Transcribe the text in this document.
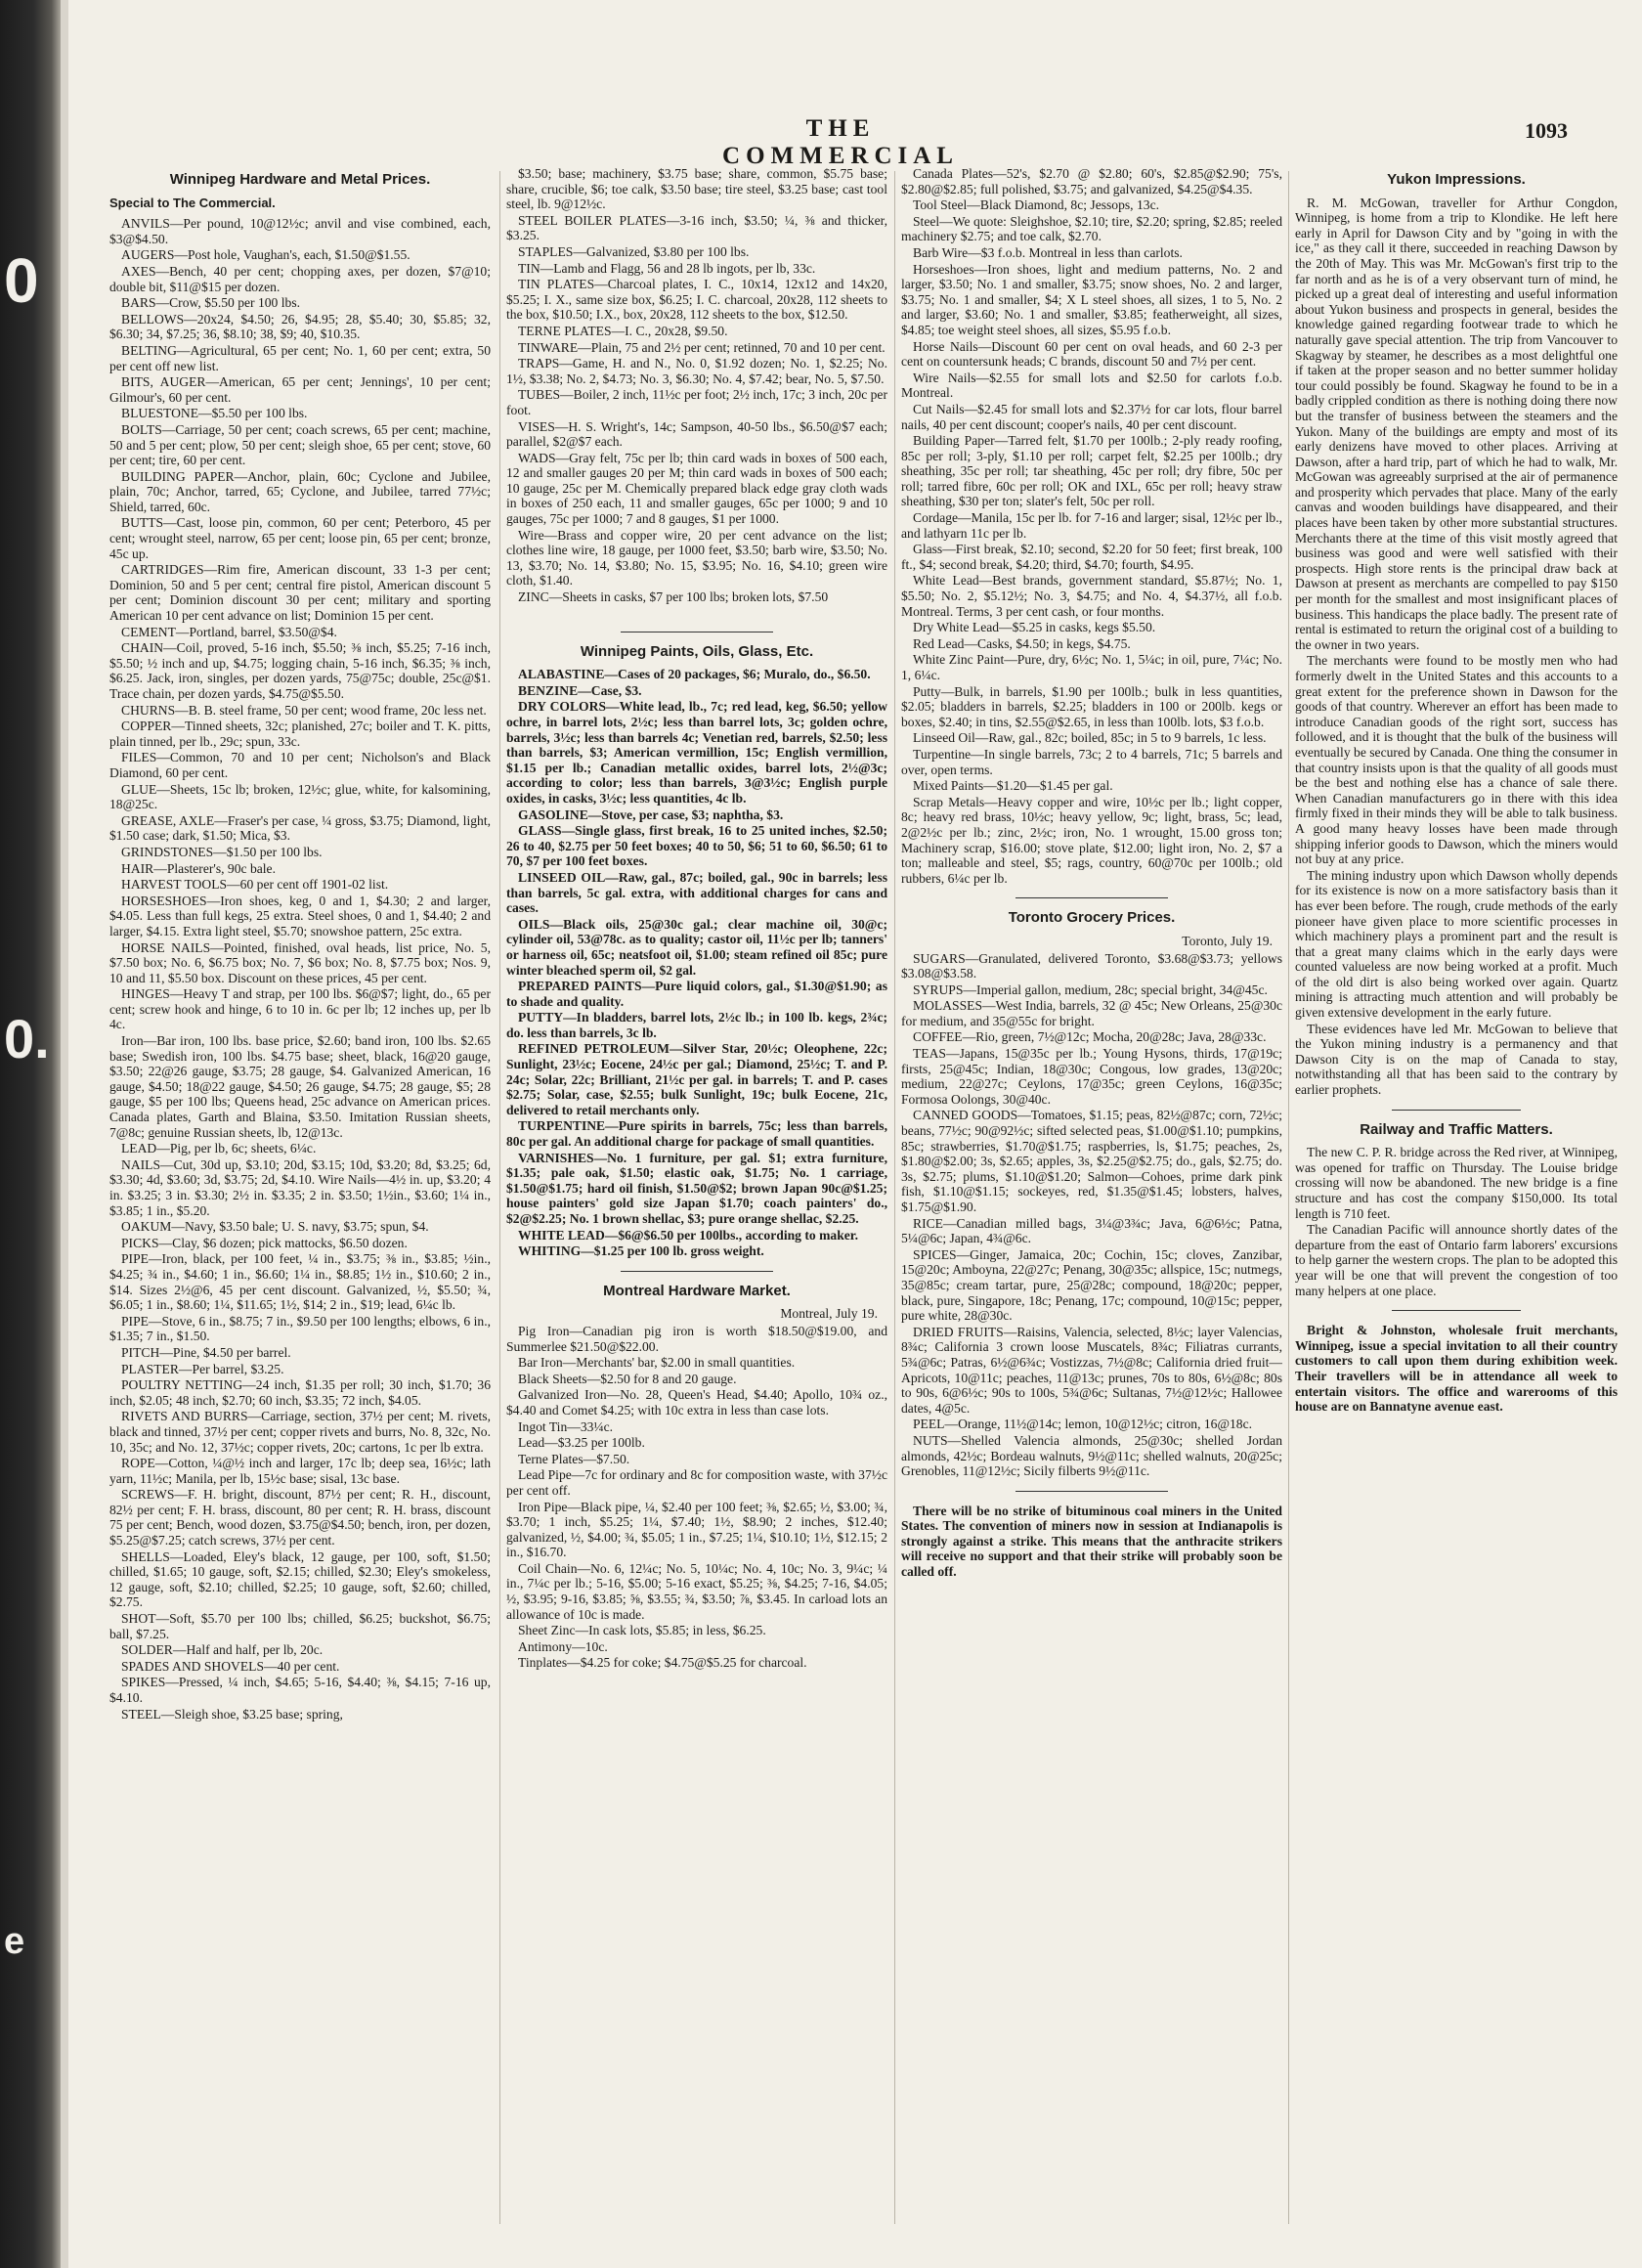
0
0.
e
THE COMMERCIAL
1093
Winnipeg Hardware and Metal Prices.
Special to The Commercial.
ANVILS—Per pound, 10@12½c; anvil and vise combined, each, $3@$4.50.
AUGERS—Post hole, Vaughan's, each, $1.50@$1.55.
AXES—Bench, 40 per cent; chopping axes, per dozen, $7@10; double bit, $11@$15 per dozen.
BARS—Crow, $5.50 per 100 lbs.
BELLOWS—20x24, $4.50; 26, $4.95; 28, $5.40; 30, $5.85; 32, $6.30; 34, $7.25; 36, $8.10; 38, $9; 40, $10.35.
BELTING—Agricultural, 65 per cent; No. 1, 60 per cent; extra, 50 per cent off new list.
BITS, AUGER—American, 65 per cent; Jennings', 10 per cent; Gilmour's, 60 per cent.
BLUESTONE—$5.50 per 100 lbs.
BOLTS—Carriage, 50 per cent; coach screws, 65 per cent; machine, 50 and 5 per cent; plow, 50 per cent; sleigh shoe, 65 per cent; stove, 60 per cent; tire, 60 per cent.
BUILDING PAPER—Anchor, plain, 60c; Cyclone and Jubilee, plain, 70c; Anchor, tarred, 65; Cyclone, and Jubilee, tarred 77½c; Shield, tarred, 60c.
BUTTS—Cast, loose pin, common, 60 per cent; Peterboro, 45 per cent; wrought steel, narrow, 65 per cent; loose pin, 65 per cent; bronze, 45c up.
CARTRIDGES—Rim fire, American discount, 33 1-3 per cent; Dominion, 50 and 5 per cent; central fire pistol, American discount 5 per cent; Dominion discount 30 per cent; military and sporting American 10 per cent advance on list; Dominion 15 per cent.
CEMENT—Portland, barrel, $3.50@$4.
CHAIN—Coil, proved, 5-16 inch, $5.50; ⅜ inch, $5.25; 7-16 inch, $5.50; ½ inch and up, $4.75; logging chain, 5-16 inch, $6.35; ⅜ inch, $6.25. Jack, iron, singles, per dozen yards, 75@75c; double, 25c@$1. Trace chain, per dozen yards, $4.75@$5.50.
CHURNS—B. B. steel frame, 50 per cent; wood frame, 20c less net.
COPPER—Tinned sheets, 32c; planished, 27c; boiler and T. K. pitts, plain tinned, per lb., 29c; spun, 33c.
FILES—Common, 70 and 10 per cent; Nicholson's and Black Diamond, 60 per cent.
GLUE—Sheets, 15c lb; broken, 12½c; glue, white, for kalsomining, 18@25c.
GREASE, AXLE—Fraser's per case, ¼ gross, $3.75; Diamond, light, $1.50 case; dark, $1.50; Mica, $3.
GRINDSTONES—$1.50 per 100 lbs.
HAIR—Plasterer's, 90c bale.
HARVEST TOOLS—60 per cent off 1901-02 list.
HORSESHOES—Iron shoes, keg, 0 and 1, $4.30; 2 and larger, $4.05. Less than full kegs, 25 extra. Steel shoes, 0 and 1, $4.40; 2 and larger, $4.15. Extra light steel, $5.70; snowshoe pattern, 25c extra.
HORSE NAILS—Pointed, finished, oval heads, list price, No. 5, $7.50 box; No. 6, $6.75 box; No. 7, $6 box; No. 8, $7.75 box; Nos. 9, 10 and 11, $5.50 box. Discount on these prices, 45 per cent.
HINGES—Heavy T and strap, per 100 lbs. $6@$7; light, do., 65 per cent; screw hook and hinge, 6 to 10 in. 6c per lb; 12 inches up, per lb 4c.
Iron—Bar iron, 100 lbs. base price, $2.60; band iron, 100 lbs. $2.65 base; Swedish iron, 100 lbs. $4.75 base; sheet, black, 16@20 gauge, $3.50; 22@26 gauge, $3.75; 28 gauge, $4. Galvanized American, 16 gauge, $4.50; 18@22 gauge, $4.50; 26 gauge, $4.75; 28 gauge, $5; 28 gauge, $5 per 100 lbs; Queens head, 25c advance on American prices. Canada plates, Garth and Blaina, $3.50. Imitation Russian sheets, 7@8c; genuine Russian sheets, lb, 12@13c.
LEAD—Pig, per lb, 6c; sheets, 6¼c.
NAILS—Cut, 30d up, $3.10; 20d, $3.15; 10d, $3.20; 8d, $3.25; 6d, $3.30; 4d, $3.60; 3d, $3.75; 2d, $4.10. Wire Nails—4½ in. up, $3.20; 4 in. $3.25; 3 in. $3.30; 2½ in. $3.35; 2 in. $3.50; 1½in., $3.60; 1¼ in., $3.85; 1 in., $5.20.
OAKUM—Navy, $3.50 bale; U. S. navy, $3.75; spun, $4.
PICKS—Clay, $6 dozen; pick mattocks, $6.50 dozen.
PIPE—Iron, black, per 100 feet, ¼ in., $3.75; ⅜ in., $3.85; ½in., $4.25; ¾ in., $4.60; 1 in., $6.60; 1¼ in., $8.85; 1½ in., $10.60; 2 in., $14. Sizes 2½@6, 45 per cent discount. Galvanized, ½, $5.50; ¾, $6.05; 1 in., $8.60; 1¼, $11.65; 1½, $14; 2 in., $19; lead, 6¼c lb.
PIPE—Stove, 6 in., $8.75; 7 in., $9.50 per 100 lengths; elbows, 6 in., $1.35; 7 in., $1.50.
PITCH—Pine, $4.50 per barrel.
PLASTER—Per barrel, $3.25.
POULTRY NETTING—24 inch, $1.35 per roll; 30 inch, $1.70; 36 inch, $2.05; 48 inch, $2.70; 60 inch, $3.35; 72 inch, $4.05.
RIVETS AND BURRS—Carriage, section, 37½ per cent; M. rivets, black and tinned, 37½ per cent; copper rivets and burrs, No. 8, 32c, No. 10, 35c; and No. 12, 37½c; copper rivets, 20c; cartons, 1c per lb extra.
ROPE—Cotton, ¼@½ inch and larger, 17c lb; deep sea, 16½c; lath yarn, 11½c; Manila, per lb, 15½c base; sisal, 13c base.
SCREWS—F. H. bright, discount, 87½ per cent; R. H., discount, 82½ per cent; F. H. brass, discount, 80 per cent; R. H. brass, discount 75 per cent; Bench, wood dozen, $3.75@$4.50; bench, iron, per dozen, $5.25@$7.25; catch screws, 37½ per cent.
SHELLS—Loaded, Eley's black, 12 gauge, per 100, soft, $1.50; chilled, $1.65; 10 gauge, soft, $2.15; chilled, $2.30; Eley's smokeless, 12 gauge, soft, $2.10; chilled, $2.25; 10 gauge, soft, $2.60; chilled, $2.75.
SHOT—Soft, $5.70 per 100 lbs; chilled, $6.25; buckshot, $6.75; ball, $7.25.
SOLDER—Half and half, per lb, 20c.
SPADES AND SHOVELS—40 per cent.
SPIKES—Pressed, ¼ inch, $4.65; 5-16, $4.40; ⅜, $4.15; 7-16 up, $4.10.
STEEL—Sleigh shoe, $3.25 base; spring,
$3.50; base; machinery, $3.75 base; share, common, $5.75 base; share, crucible, $6; toe calk, $3.50 base; tire steel, $3.25 base; cast tool steel, lb. 9@12½c.
STEEL BOILER PLATES—3-16 inch, $3.50; ¼, ⅜ and thicker, $3.25.
STAPLES—Galvanized, $3.80 per 100 lbs.
TIN—Lamb and Flagg, 56 and 28 lb ingots, per lb, 33c.
TIN PLATES—Charcoal plates, I. C., 10x14, 12x12 and 14x20, $5.25; I. X., same size box, $6.25; I. C. charcoal, 20x28, 112 sheets to the box, $10.50; I.X., box, 20x28, 112 sheets to the box, $12.50.
TERNE PLATES—I. C., 20x28, $9.50.
TINWARE—Plain, 75 and 2½ per cent; retinned, 70 and 10 per cent.
TRAPS—Game, H. and N., No. 0, $1.92 dozen; No. 1, $2.25; No. 1½, $3.38; No. 2, $4.73; No. 3, $6.30; No. 4, $7.42; bear, No. 5, $7.50.
TUBES—Boiler, 2 inch, 11½c per foot; 2½ inch, 17c; 3 inch, 20c per foot.
VISES—H. S. Wright's, 14c; Sampson, 40-50 lbs., $6.50@$7 each; parallel, $2@$7 each.
WADS—Gray felt, 75c per lb; thin card wads in boxes of 500 each, 12 and smaller gauges 20 per M; thin card wads in boxes of 500 each; 10 gauge, 25c per M. Chemically prepared black edge gray cloth wads in boxes of 250 each, 11 and smaller gauges, 65c per 1000; 9 and 10 gauges, 75c per 1000; 7 and 8 gauges, $1 per 1000.
Wire—Brass and copper wire, 20 per cent advance on the list; clothes line wire, 18 gauge, per 1000 feet, $3.50; barb wire, $3.50; No. 13, $3.70; No. 14, $3.80; No. 15, $3.95; No. 16, $4.10; green wire cloth, $1.40.
ZINC—Sheets in casks, $7 per 100 lbs; broken lots, $7.50
Winnipeg Paints, Oils, Glass, Etc.
ALABASTINE—Cases of 20 packages, $6; Muralo, do., $6.50.
BENZINE—Case, $3.
DRY COLORS—White lead, lb., 7c; red lead, keg, $6.50; yellow ochre, in barrel lots, 2½c; less than barrel lots, 3c; golden ochre, barrels, 3½c; less than barrels 4c; Venetian red, barrels, $2.50; less than barrels, $3; American vermillion, 15c; English vermillion, $1.15 per lb.; Canadian metallic oxides, barrel lots, 2½@3c; according to color; less than barrels, 3@3½c; English purple oxides, in casks, 3½c; less quantities, 4c lb.
GASOLINE—Stove, per case, $3; naphtha, $3.
GLASS—Single glass, first break, 16 to 25 united inches, $2.50; 26 to 40, $2.75 per 50 feet boxes; 40 to 50, $6; 51 to 60, $6.50; 61 to 70, $7 per 100 feet boxes.
LINSEED OIL—Raw, gal., 87c; boiled, gal., 90c in barrels; less than barrels, 5c gal. extra, with additional charges for cans and cases.
OILS—Black oils, 25@30c gal.; clear machine oil, 30@c; cylinder oil, 53@78c. as to quality; castor oil, 11½c per lb; tanners' or harness oil, 65c; neatsfoot oil, $1.00; steam refined oil 85c; pure winter bleached sperm oil, $2 gal.
PREPARED PAINTS—Pure liquid colors, gal., $1.30@$1.90; as to shade and quality.
PUTTY—In bladders, barrel lots, 2½c lb.; in 100 lb. kegs, 2¾c; do. less than barrels, 3c lb.
REFINED PETROLEUM—Silver Star, 20½c; Oleophene, 22c; Sunlight, 23½c; Eocene, 24½c per gal.; Diamond, 25½c; T. and P. 24c; Solar, 22c; Brilliant, 21½c per gal. in barrels; T. and P. cases $2.75; Solar, case, $2.55; bulk Sunlight, 19c; bulk Eocene, 21c, delivered to retail merchants only.
TURPENTINE—Pure spirits in barrels, 75c; less than barrels, 80c per gal. An additional charge for package of small quantities.
VARNISHES—No. 1 furniture, per gal. $1; extra furniture, $1.35; pale oak, $1.50; elastic oak, $1.75; No. 1 carriage, $1.50@$1.75; hard oil finish, $1.50@$2; brown Japan 90c@$1.25; house painters' gold size Japan $1.70; coach painters' do., $2@$2.25; No. 1 brown shellac, $3; pure orange shellac, $2.25.
WHITE LEAD—$6@$6.50 per 100lbs., according to maker.
WHITING—$1.25 per 100 lb. gross weight.
Montreal Hardware Market.
Montreal, July 19.
Pig Iron—Canadian pig iron is worth $18.50@$19.00, and Summerlee $21.50@$22.00.
Bar Iron—Merchants' bar, $2.00 in small quantities.
Black Sheets—$2.50 for 8 and 20 gauge.
Galvanized Iron—No. 28, Queen's Head, $4.40; Apollo, 10¾ oz., $4.40 and Comet $4.25; with 10c extra in less than case lots.
Ingot Tin—33¼c.
Lead—$3.25 per 100lb.
Terne Plates—$7.50.
Lead Pipe—7c for ordinary and 8c for composition waste, with 37½c per cent off.
Iron Pipe—Black pipe, ¼, $2.40 per 100 feet; ⅜, $2.65; ½, $3.00; ¾, $3.70; 1 inch, $5.25; 1¼, $7.40; 1½, $8.90; 2 inches, $12.40; galvanized, ½, $4.00; ¾, $5.05; 1 in., $7.25; 1¼, $10.10; 1½, $12.15; 2 in., $16.70.
Coil Chain—No. 6, 12¼c; No. 5, 10¼c; No. 4, 10c; No. 3, 9¼c; ¼ in., 7¼c per lb.; 5-16, $5.00; 5-16 exact, $5.25; ⅜, $4.25; 7-16, $4.05; ½, $3.95; 9-16, $3.85; ⅝, $3.55; ¾, $3.50; ⅞, $3.45. In carload lots an allowance of 10c is made.
Sheet Zinc—In cask lots, $5.85; in less, $6.25.
Antimony—10c.
Tinplates—$4.25 for coke; $4.75@$5.25 for charcoal.
Canada Plates—52's, $2.70 @ $2.80; 60's, $2.85@$2.90; 75's, $2.80@$2.85; full polished, $3.75; and galvanized, $4.25@$4.35.
Tool Steel—Black Diamond, 8c; Jessops, 13c.
Steel—We quote: Sleighshoe, $2.10; tire, $2.20; spring, $2.85; reeled machinery $2.75; and toe calk, $2.70.
Barb Wire—$3 f.o.b. Montreal in less than carlots.
Horseshoes—Iron shoes, light and medium patterns, No. 2 and larger, $3.50; No. 1 and smaller, $3.75; snow shoes, No. 2 and larger, $3.75; No. 1 and smaller, $4; X L steel shoes, all sizes, 1 to 5, No. 2 and larger, $3.60; No. 1 and smaller, $3.85; featherweight, all sizes, $4.85; toe weight steel shoes, all sizes, $5.95 f.o.b.
Horse Nails—Discount 60 per cent on oval heads, and 60 2-3 per cent on countersunk heads; C brands, discount 50 and 7½ per cent.
Wire Nails—$2.55 for small lots and $2.50 for carlots f.o.b. Montreal.
Cut Nails—$2.45 for small lots and $2.37½ for car lots, flour barrel nails, 40 per cent discount; cooper's nails, 40 per cent discount.
Building Paper—Tarred felt, $1.70 per 100lb.; 2-ply ready roofing, 85c per roll; 3-ply, $1.10 per roll; carpet felt, $2.25 per 100lb.; dry sheathing, 35c per roll; tar sheathing, 45c per roll; dry fibre, 50c per roll; tarred fibre, 60c per roll; OK and IXL, 65c per roll; heavy straw sheathing, $30 per ton; slater's felt, 50c per roll.
Cordage—Manila, 15c per lb. for 7-16 and larger; sisal, 12½c per lb., and lathyarn 11c per lb.
Glass—First break, $2.10; second, $2.20 for 50 feet; first break, 100 ft., $4; second break, $4.20; third, $4.70; fourth, $4.95.
White Lead—Best brands, government standard, $5.87½; No. 1, $5.50; No. 2, $5.12½; No. 3, $4.75; and No. 4, $4.37½, all f.o.b. Montreal. Terms, 3 per cent cash, or four months.
Dry White Lead—$5.25 in casks, kegs $5.50.
Red Lead—Casks, $4.50; in kegs, $4.75.
White Zinc Paint—Pure, dry, 6½c; No. 1, 5¼c; in oil, pure, 7¼c; No. 1, 6¼c.
Putty—Bulk, in barrels, $1.90 per 100lb.; bulk in less quantities, $2.05; bladders in barrels, $2.25; bladders in 100 or 200lb. kegs or boxes, $2.40; in tins, $2.55@$2.65, in less than 100lb. lots, $3 f.o.b.
Linseed Oil—Raw, gal., 82c; boiled, 85c; in 5 to 9 barrels, 1c less.
Turpentine—In single barrels, 73c; 2 to 4 barrels, 71c; 5 barrels and over, open terms.
Mixed Paints—$1.20—$1.45 per gal.
Scrap Metals—Heavy copper and wire, 10½c per lb.; light copper, 8c; heavy red brass, 10½c; heavy yellow, 9c; light, brass, 5c; lead, 2@2½c per lb.; zinc, 2½c; iron, No. 1 wrought, 15.00 gross ton; Machinery scrap, $16.00; stove plate, $12.00; light iron, No. 2, $7 a ton; malleable and steel, $5; rags, country, 60@70c per 100lb.; old rubbers, 6¼c per lb.
Toronto Grocery Prices.
Toronto, July 19.
SUGARS—Granulated, delivered Toronto, $3.68@$3.73; yellows $3.08@$3.58.
SYRUPS—Imperial gallon, medium, 28c; special bright, 34@45c.
MOLASSES—West India, barrels, 32 @ 45c; New Orleans, 25@30c for medium, and 35@55c for bright.
COFFEE—Rio, green, 7½@12c; Mocha, 20@28c; Java, 28@33c.
TEAS—Japans, 15@35c per lb.; Young Hysons, thirds, 17@19c; firsts, 25@45c; Indian, 18@30c; Congous, low grades, 13@20c; medium, 22@27c; Ceylons, 17@35c; green Ceylons, 16@35c; Formosa Oolongs, 30@40c.
CANNED GOODS—Tomatoes, $1.15; peas, 82½@87c; corn, 72½c; beans, 77½c; 90@92½c; sifted selected peas, $1.00@$1.10; pumpkins, 85c; strawberries, $1.70@$1.75; raspberries, ls, $1.75; peaches, 2s, $1.80@$2.00; 3s, $2.65; apples, 3s, $2.25@$2.75; do., gals, $2.75; do. 3s, $2.75; plums, $1.10@$1.20; Salmon—Cohoes, prime dark pink fish, $1.10@$1.15; sockeyes, red, $1.35@$1.45; lobsters, halves, $1.75@$1.90.
RICE—Canadian milled bags, 3¼@3¾c; Java, 6@6½c; Patna, 5¼@6c; Japan, 4¾@6c.
SPICES—Ginger, Jamaica, 20c; Cochin, 15c; cloves, Zanzibar, 15@20c; Amboyna, 22@27c; Penang, 30@35c; allspice, 15c; nutmegs, 35@85c; cream tartar, pure, 25@28c; compound, 18@20c; pepper, black, pure, Singapore, 18c; Penang, 17c; compound, 10@15c; pepper, pure white, 28@30c.
DRIED FRUITS—Raisins, Valencia, selected, 8½c; layer Valencias, 8¾c; California 3 crown loose Muscatels, 8¾c; Filiatras currants, 5¾@6c; Patras, 6½@6¾c; Vostizzas, 7½@8c; California dried fruit—Apricots, 10@11c; peaches, 11@13c; prunes, 70s to 80s, 6½@8c; 80s to 90s, 6@6½c; 90s to 100s, 5¾@6c; Sultanas, 7½@12½c; Hallowee dates, 4@5c.
PEEL—Orange, 11½@14c; lemon, 10@12½c; citron, 16@18c.
NUTS—Shelled Valencia almonds, 25@30c; shelled Jordan almonds, 42½c; Bordeau walnuts, 9½@11c; shelled walnuts, 20@25c; Grenobles, 11@12½c; Sicily filberts 9½@11c.
There will be no strike of bituminous coal miners in the United States. The convention of miners now in session at Indianapolis is strongly against a strike. This means that the anthracite strikers will receive no support and that their strike will probably soon be called off.
Yukon Impressions.
R. M. McGowan, traveller for Arthur Congdon, Winnipeg, is home from a trip to Klondike. He left here early in April for Dawson City and by "going in with the ice," as they call it there, succeeded in reaching Dawson by the 20th of May. This was Mr. McGowan's first trip to the far north and as he is of a very observant turn of mind, he picked up a great deal of interesting and useful information about Yukon business and prospects in general, besides the knowledge gained regarding footwear trade to which he naturally gave special attention. The trip from Vancouver to Skagway by steamer, he describes as a most delightful one if taken at the proper season and no better summer holiday tour could possibly be found. Skagway he found to be in a badly crippled condition as there is nothing doing there now but the transfer of business between the steamers and the Yukon. Many of the buildings are empty and most of its early denizens have moved to other places. Arriving at Dawson, after a hard trip, part of which he had to walk, Mr. McGowan was agreeably surprised at the air of permanence and prosperity which pervades that place. Many of the early canvas and wooden buildings have disappeared, and their places have been taken by other more substantial structures. Merchants there at the time of this visit mostly agreed that business was good and were well satisfied with their prospects. High store rents is the principal draw back at Dawson at present as merchants are compelled to pay $150 per month for the smallest and most insignificant places of business. This handicaps the place badly. The present rate of rental is estimated to return the original cost of a building to the owner in two years.
The merchants were found to be mostly men who had formerly dwelt in the United States and this accounts to a great extent for the preference shown in Dawson for the goods of that country. Wherever an effort has been made to introduce Canadian goods of the right sort, success has followed, and it is thought that the bulk of the business will eventually be secured by Canada. One thing the consumer in that country insists upon is that the quality of all goods must be the best and nothing else has a chance of sale there. When Canadian manufacturers go in there with this idea firmly fixed in their minds they will be able to talk business. A good many heavy losses have been made through shipping inferior goods to Dawson, which the miners would not buy at any price.
The mining industry upon which Dawson wholly depends for its existence is now on a more satisfactory basis than it has ever been before. The rough, crude methods of the early pioneer have given place to more scientific processes in which machinery plays a prominent part and the result is that a great many claims which in the early days were counted valueless are now being worked at a profit. Much of the old dirt is also being worked over again. Quartz mining is attracting much attention and will probably be given extensive development in the early future.
These evidences have led Mr. McGowan to believe that the Yukon mining industry is a permanency and that Dawson City is on the map of Canada to stay, notwithstanding all that has been said to the contrary by earlier prophets.
Railway and Traffic Matters.
The new C. P. R. bridge across the Red river, at Winnipeg, was opened for traffic on Thursday. The Louise bridge crossing will now be abandoned. The new bridge is a fine structure and has cost the company $150,000. Its total length is 710 feet.
The Canadian Pacific will announce shortly dates of the departure from the east of Ontario farm laborers' excursions to help garner the western crops. The plan to be adopted this year will be one that will prevent the congestion of too many helpers at one place.
Bright & Johnston, wholesale fruit merchants, Winnipeg, issue a special invitation to all their country customers to call upon them during exhibition week. Their travellers will be in attendance all week to entertain visitors. The office and warerooms of this house are on Bannatyne avenue east.
